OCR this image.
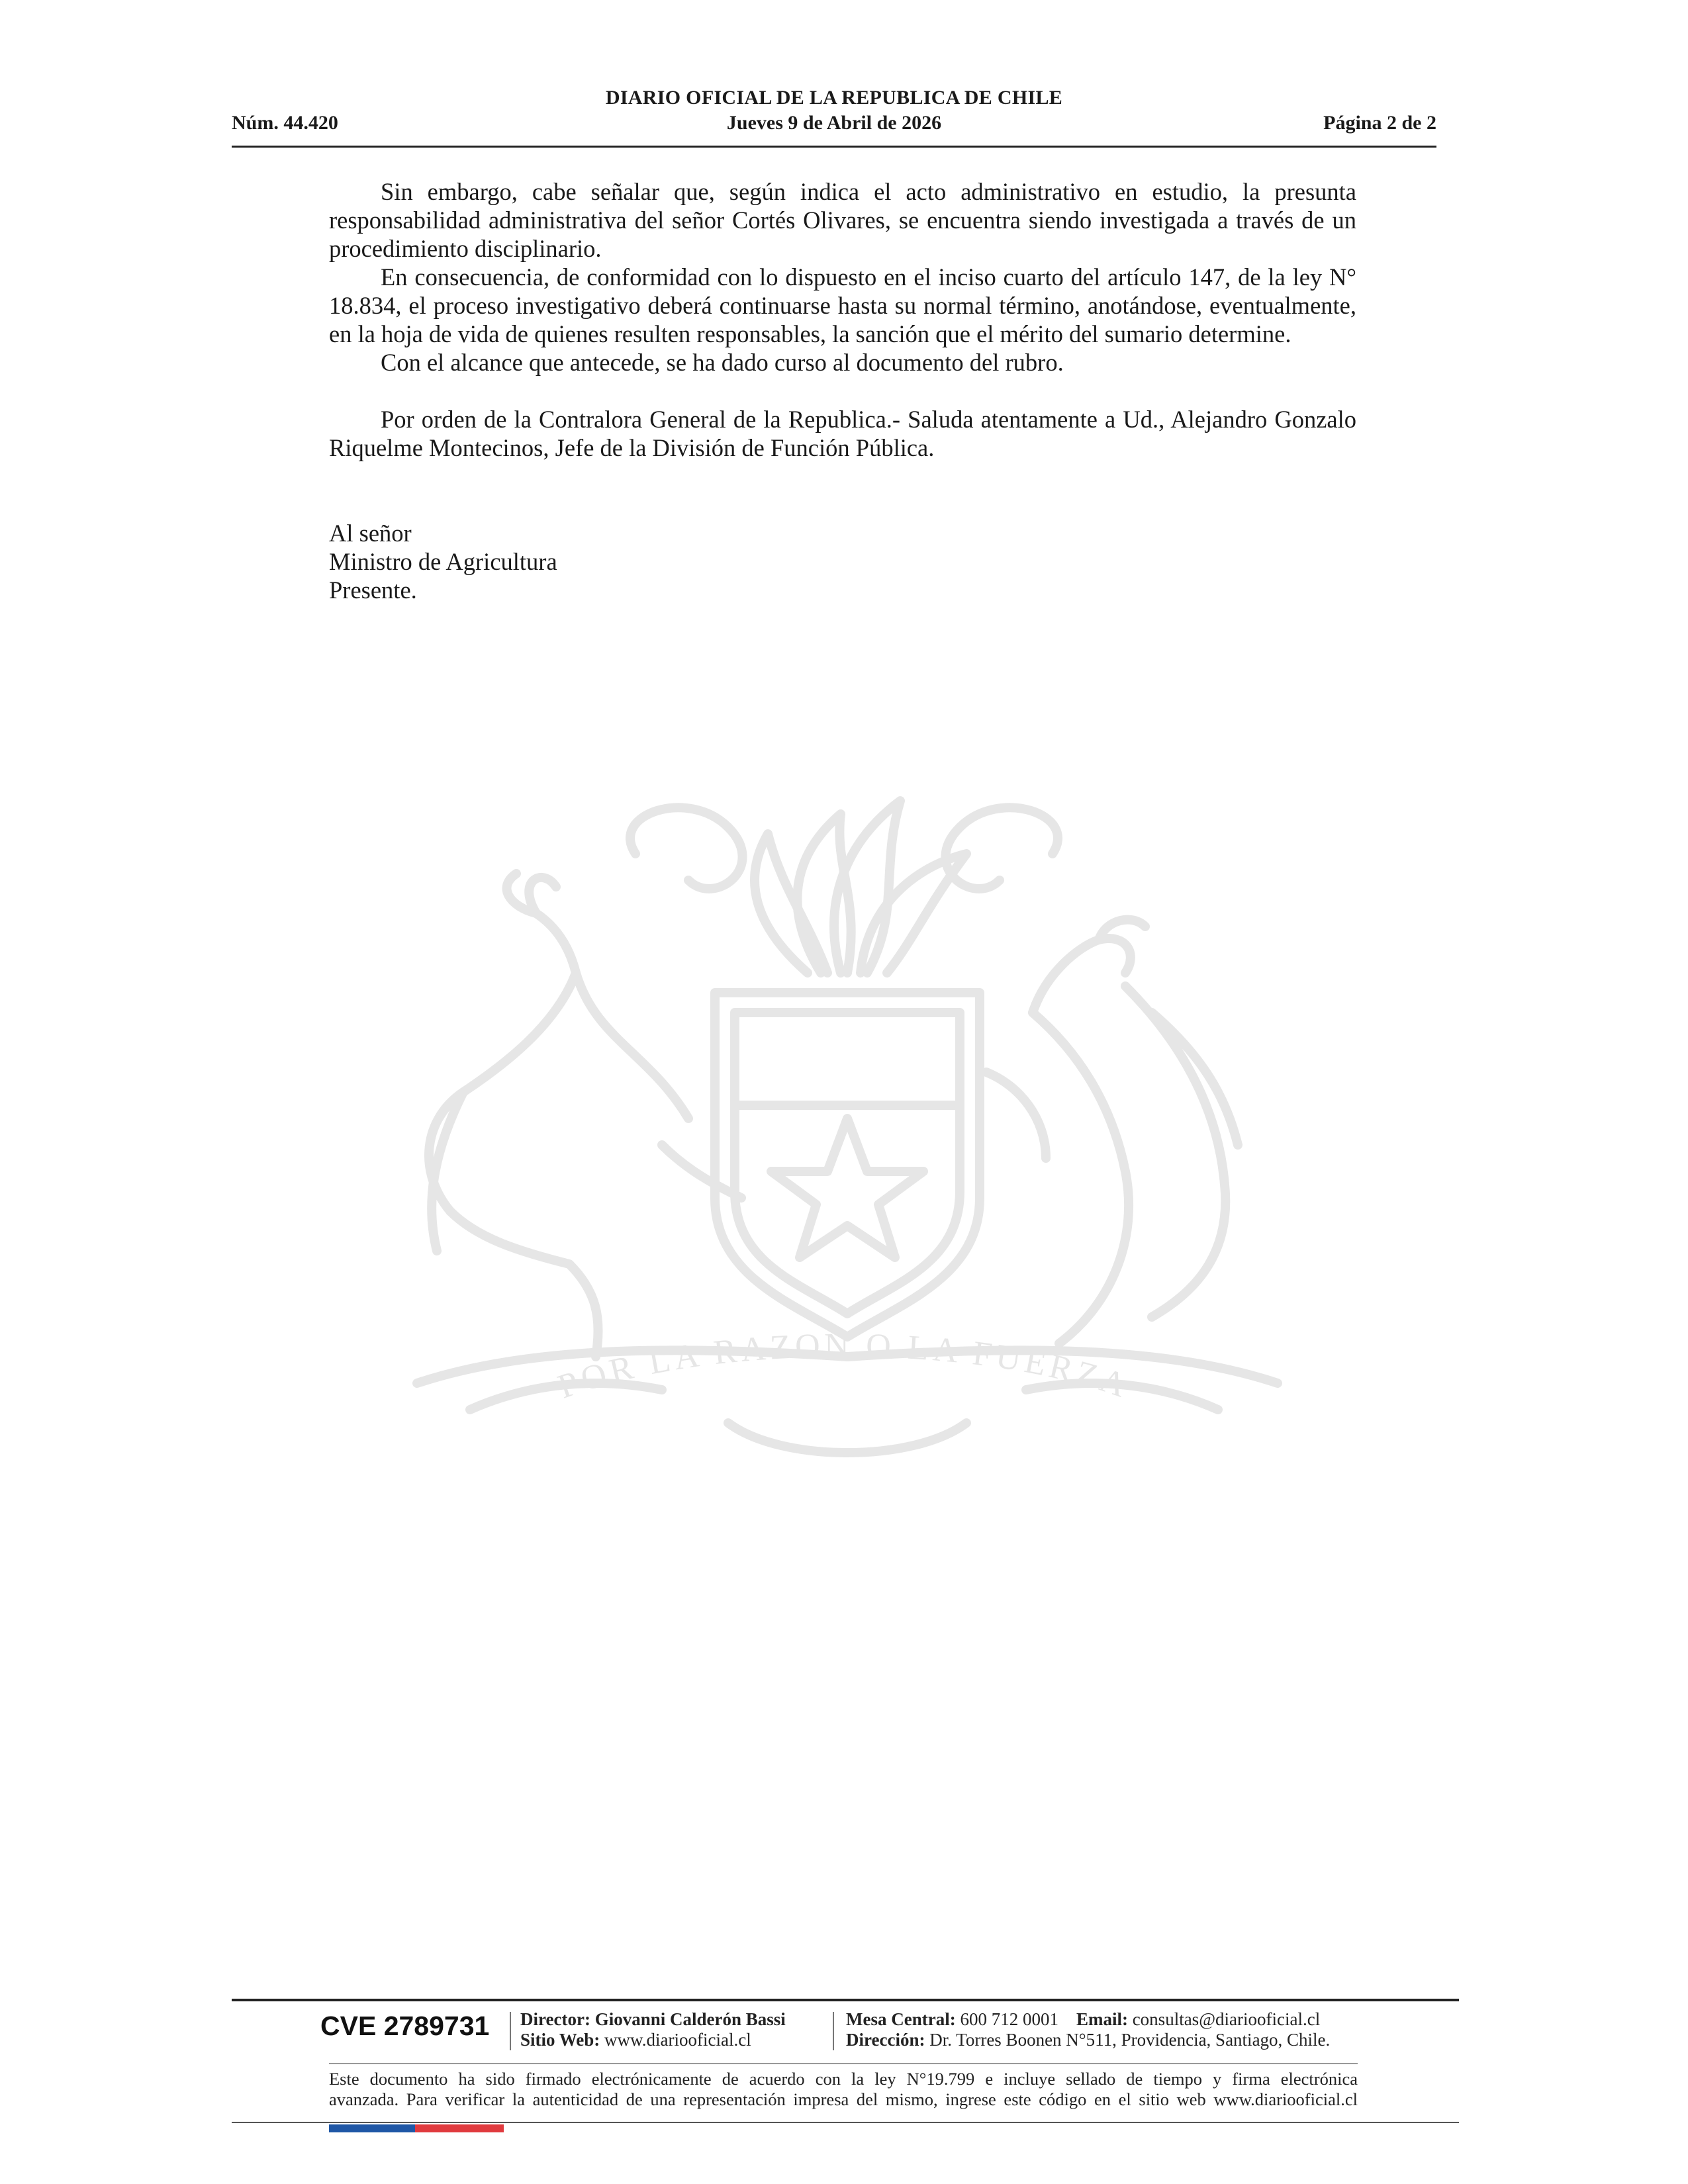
DIARIO OFICIAL DE LA REPUBLICA DE CHILE
Núm. 44.420	Jueves 9 de Abril de 2026	Página 2 de 2
POR LA RAZON O LA FUERZA

Sin embargo, cabe señalar que, según indica el acto administrativo en estudio, la presunta responsabilidad administrativa del señor Cortés Olivares, se encuentra siendo investigada a través de un procedimiento disciplinario.

En consecuencia, de conformidad con lo dispuesto en el inciso cuarto del artículo 147, de la ley N° 18.834, el proceso investigativo deberá continuarse hasta su normal término, anotándose, eventualmente, en la hoja de vida de quienes resulten responsables, la sanción que el mérito del sumario determine.

Con el alcance que antecede, se ha dado curso al documento del rubro.

Por orden de la Contralora General de la Republica.- Saluda atentamente a Ud., Alejandro Gonzalo Riquelme Montecinos, Jefe de la División de Función Pública.

Al señor
Ministro de Agricultura
Presente.
CVE 2789731 Director: Giovanni Calderón Bassi
Sitio Web: www.diariooficial.cl
Mesa Central: 600 712 0001 Email: consultas@diariooficial.cl
Dirección: Dr. Torres Boonen N°511, Providencia, Santiago, Chile.
Este documento ha sido firmado electrónicamente de acuerdo con la ley N°19.799 e incluye sellado de tiempo y firma electrónica
avanzada. Para verificar la autenticidad de una representación impresa del mismo, ingrese este código en el sitio web www.diariooficial.cl
